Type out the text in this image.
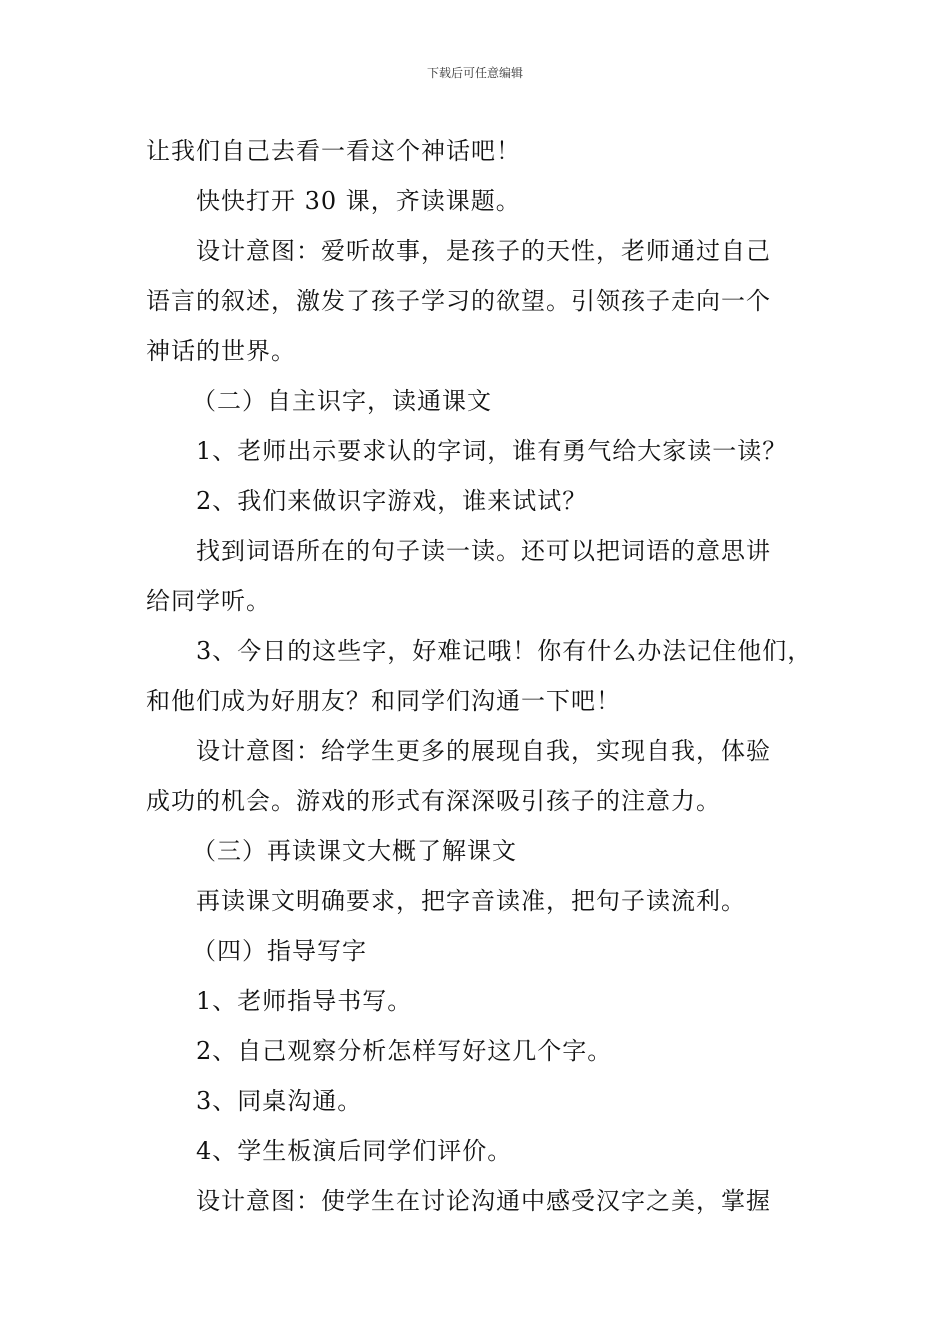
下载后可任意编辑
让我们自己去看一看这个神话吧！
快快打开 30 课，齐读课题。
设计意图：爱听故事，是孩子的天性，老师通过自己
语言的叙述，激发了孩子学习的欲望。引领孩子走向一个
神话的世界。
（二）自主识字，读通课文
1、老师出示要求认的字词，谁有勇气给大家读一读？
2、我们来做识字游戏，谁来试试？
找到词语所在的句子读一读。还可以把词语的意思讲
给同学听。
3、今日的这些字，好难记哦！你有什么办法记住他们，
和他们成为好朋友？和同学们沟通一下吧！
设计意图：给学生更多的展现自我，实现自我，体验
成功的机会。游戏的形式有深深吸引孩子的注意力。
（三）再读课文大概了解课文
再读课文明确要求，把字音读准，把句子读流利。
（四）指导写字
1、老师指导书写。
2、自己观察分析怎样写好这几个字。
3、同桌沟通。
4、学生板演后同学们评价。
设计意图：使学生在讨论沟通中感受汉字之美，掌握
